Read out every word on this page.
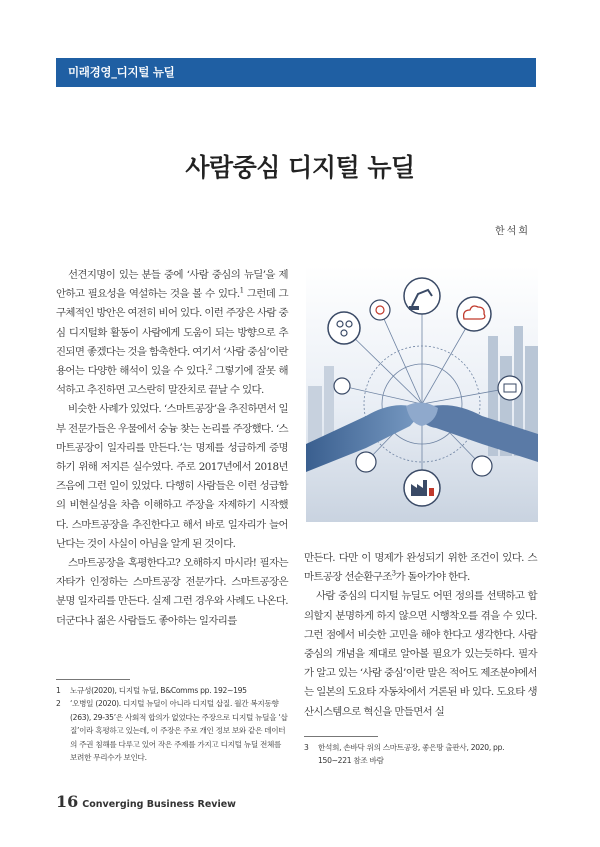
미래경영_디지털 뉴딜
사람중심 디지털 뉴딜
한석희

선견지명이 있는 분들 중에 ‘사람 중심의 뉴딜’을 제안하고 필요성을 역설하는 것을 볼 수 있다.$^1$ 그런데 그 구체적인 방안은 여전히 비어 있다. 이런 주장은 사람 중심 디지털화 활동이 사람에게 도움이 되는 방향으로 추진되면 좋겠다는 것을 함축한다. 여기서 ‘사람 중심’이란 용어는 다양한 해석이 있을 수 있다.$^2$ 그렇기에 잘못 해석하고 추진하면 고스란히 말잔치로 끝날 수 있다.

비슷한 사례가 있었다. ‘스마트공장’을 추진하면서 일부 전문가들은 우물에서 숭늉 찾는 논리를 주장했다. ‘스마트공장이 일자리를 만든다.’는 명제를 성급하게 증명하기 위해 저지른 실수였다. 주로 2017년에서 2018년 즈음에 그런 일이 있었다. 다행히 사람들은 이런 성급함의 비현실성을 차츰 이해하고 주장을 자제하기 시작했다. 스마트공장을 추진한다고 해서 바로 일자리가 늘어난다는 것이 사실이 아님을 알게 된 것이다.

스마트공장을 혹평한다고? 오해하지 마시라! 필자는 자타가 인정하는 스마트공장 전문가다. 스마트공장은 분명 일자리를 만든다. 실제 그런 경우와 사례도 나온다. 더군다나 젊은 사람들도 좋아하는 일자리를

만든다. 다만 이 명제가 완성되기 위한 조건이 있다. 스마트공장 선순환구조$^3$가 돌아가야 한다.

사람 중심의 디지털 뉴딜도 어떤 정의를 선택하고 합의할지 분명하게 하지 않으면 시행착오를 겪을 수 있다. 그런 점에서 비슷한 고민을 해야 한다고 생각한다. 사람 중심의 개념을 제대로 알아볼 필요가 있는듯하다. 필자가 알고 있는 ‘사람 중심’이란 말은 적어도 제조분야에서는 일본의 도요타 자동차에서 거론된 바 있다. 도요타 생산시스템으로 혁신을 만들면서 실

1 노규성(2020), 디지털 뉴딜, B&Comms pp. 192~195
2 ‘오병일 (2020). 디지털 뉴딜이 아니라 디지털 삽질. 월간 복지동향(263), 29-35’은 사회적 합의가 없었다는 주장으로 디지털 뉴딜을 ‘삽질’이라 혹평하고 있는데, 이 주장은 주로 개인 정보 보와 같은 데이터의 주권 침해를 다루고 있어 작은 주제를 가지고 디지털 뉴딜 전체를 보려한 무리수가 보인다.
3 한석희, 손바닥 위의 스마트공장, 좋은땅 출판사, 2020, pp. 150~221 참조 바람
16 Converging Business Review
